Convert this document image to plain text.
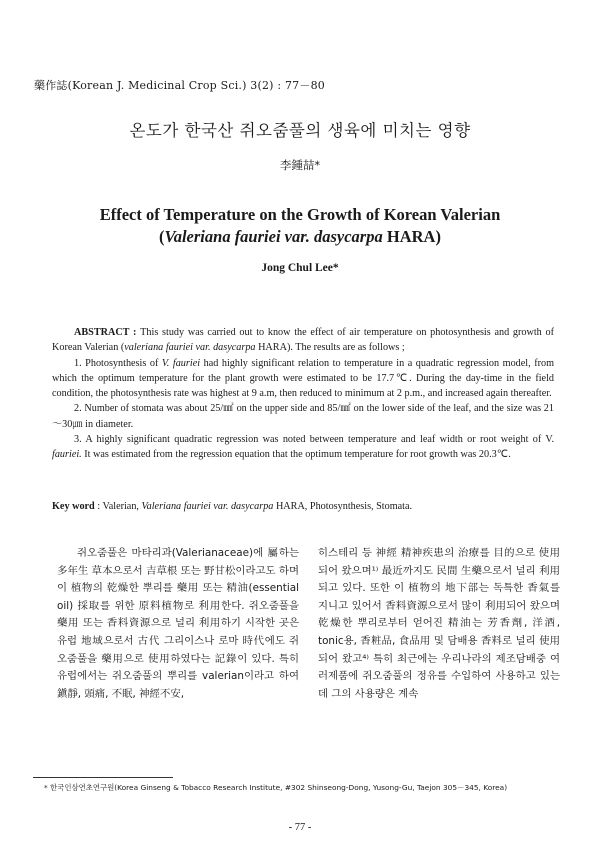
藥作誌(Korean J. Medicinal Crop Sci.) 3(2) : 77－80
온도가 한국산 쥐오줌풀의 생육에 미치는 영향
李鍾喆*
Effect of Temperature on the Growth of Korean Valerian
(Valeriana fauriei var. dasycarpa HARA)
Jong Chul Lee*

ABSTRACT : This study was carried out to know the effect of air temperature on photosynthesis and growth of Korean Valerian (valeriana fauriei var. dasycarpa HARA). The results are as follows ;

1. Photosynthesis of V. fauriei had highly significant relation to temperature in a quadratic regression model, from which the optimum temperature for the plant growth were estimated to be 17.7℃. During the day-time in the field condition, the photosynthesis rate was highest at 9 a.m, then reduced to minimum at 2 p.m., and increased again thereafter.

2. Number of stomata was about 25/㎟ on the upper side and 85/㎟ on the lower side of the leaf, and the size was 21～30㎛ in diameter.

3. A highly significant quadratic regression was noted between temperature and leaf width or root weight of V. fauriei. It was estimated from the regression equation that the optimum temperature for root growth was 20.3℃.

Key word : Valerian, Valeriana fauriei var. dasycarpa HARA, Photosynthesis, Stomata.

쥐오줌풀은 마타리과(Valerianaceae)에 屬하는 多年生 草本으로서 吉草根 또는 野甘松이라고도 하며 이 植物의 乾燥한 뿌리를 藥用 또는 精油(essential oil) 採取를 위한 原料植物로 利用한다. 쥐오줌풀을 藥用 또는 香料資源으로 널리 利用하기 시작한 곳은 유럽 地域으로서 古代 그리이스나 로마 時代에도 쥐오줌풀을 藥用으로 使用하였다는 記錄이 있다. 특히 유럽에서는 쥐오줌풀의 뿌리를 valerian이라고 하여 鎭靜, 頭痛, 不眠, 神經不安,

히스테리 등 神經 精神疾患의 治療를 目的으로 使用되어 왔으며¹⁾ 最近까지도 民間 生藥으로서 널리 利用되고 있다. 또한 이 植物의 地下部는 독특한 香氣를 지니고 있어서 香料資源으로서 많이 利用되어 왔으며 乾燥한 뿌리로부터 얻어진 精油는 芳香劑, 洋酒, tonic용, 香粧品, 食品用 및 담배용 香料로 널리 使用되어 왔고⁴⁾ 특히 최근에는 우리나라의 제조담배중 여러제품에 쥐오줌풀의 정유를 수입하여 사용하고 있는데 그의 사용량은 계속

* 한국인삼연초연구원(Korea Ginseng & Tobacco Research Institute, #302 Shinseong-Dong, Yusong-Gu, Taejon 305－345, Korea)
- 77 -
